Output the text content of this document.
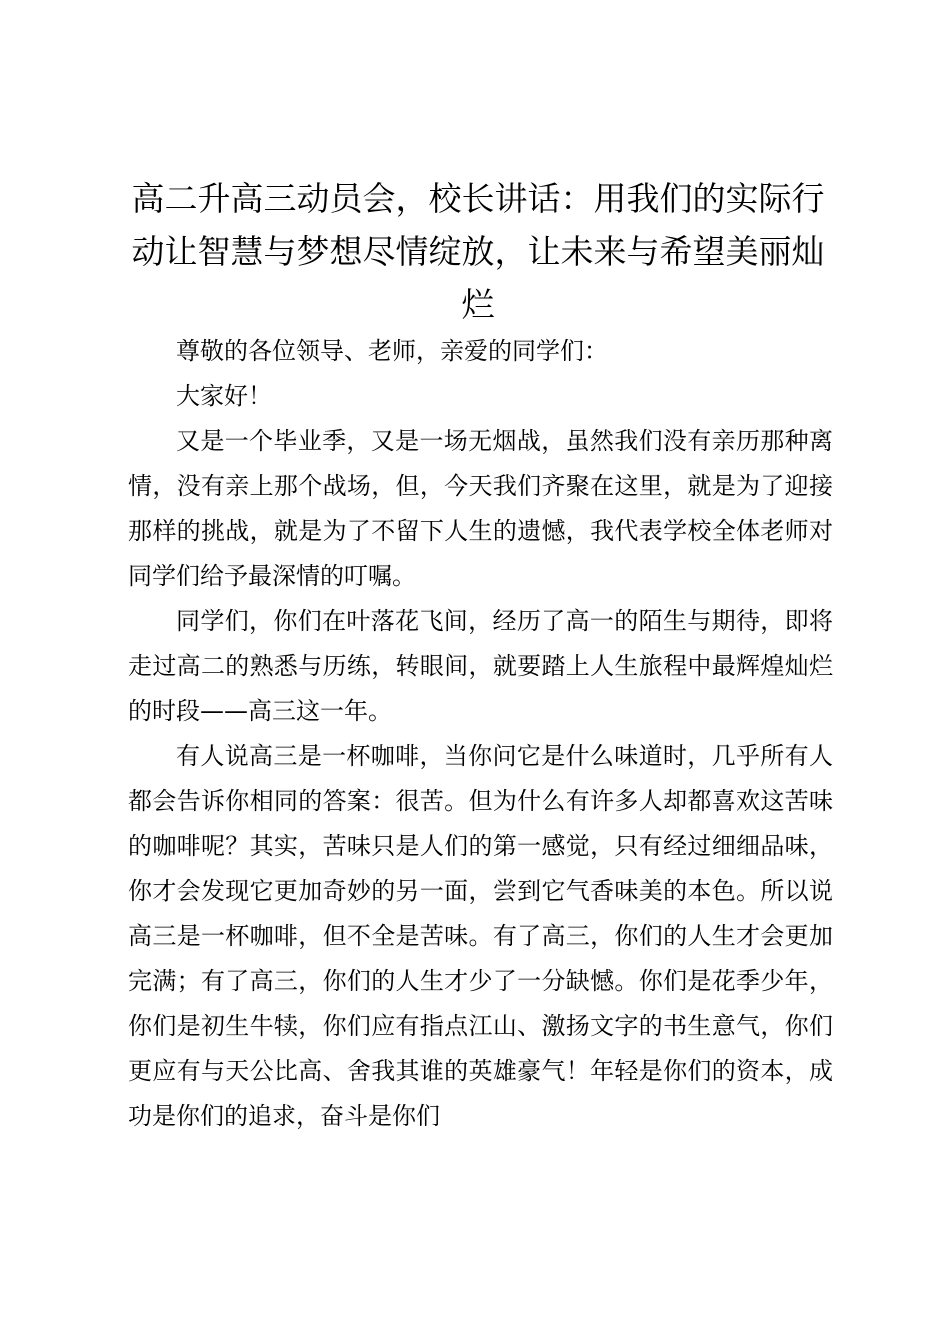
高二升高三动员会，校长讲话：用我们的实际行动让智慧与梦想尽情绽放，让未来与希望美丽灿烂

尊敬的各位领导、老师，亲爱的同学们：

大家好！

又是一个毕业季，又是一场无烟战，虽然我们没有亲历那种离情，没有亲上那个战场，但，今天我们齐聚在这里，就是为了迎接那样的挑战，就是为了不留下人生的遗憾，我代表学校全体老师对同学们给予最深情的叮嘱。

同学们，你们在叶落花飞间，经历了高一的陌生与期待，即将走过高二的熟悉与历练，转眼间，就要踏上人生旅程中最辉煌灿烂的时段——高三这一年。

有人说高三是一杯咖啡，当你问它是什么味道时，几乎所有人都会告诉你相同的答案：很苦。但为什么有许多人却都喜欢这苦味的咖啡呢？其实，苦味只是人们的第一感觉，只有经过细细品味，你才会发现它更加奇妙的另一面，尝到它气香味美的本色。所以说高三是一杯咖啡，但不全是苦味。有了高三，你们的人生才会更加完满；有了高三，你们的人生才少了一分缺憾。你们是花季少年，你们是初生牛犊，你们应有指点江山、激扬文字的书生意气，你们更应有与天公比高、舍我其谁的英雄豪气！年轻是你们的资本，成功是你们的追求，奋斗是你们
